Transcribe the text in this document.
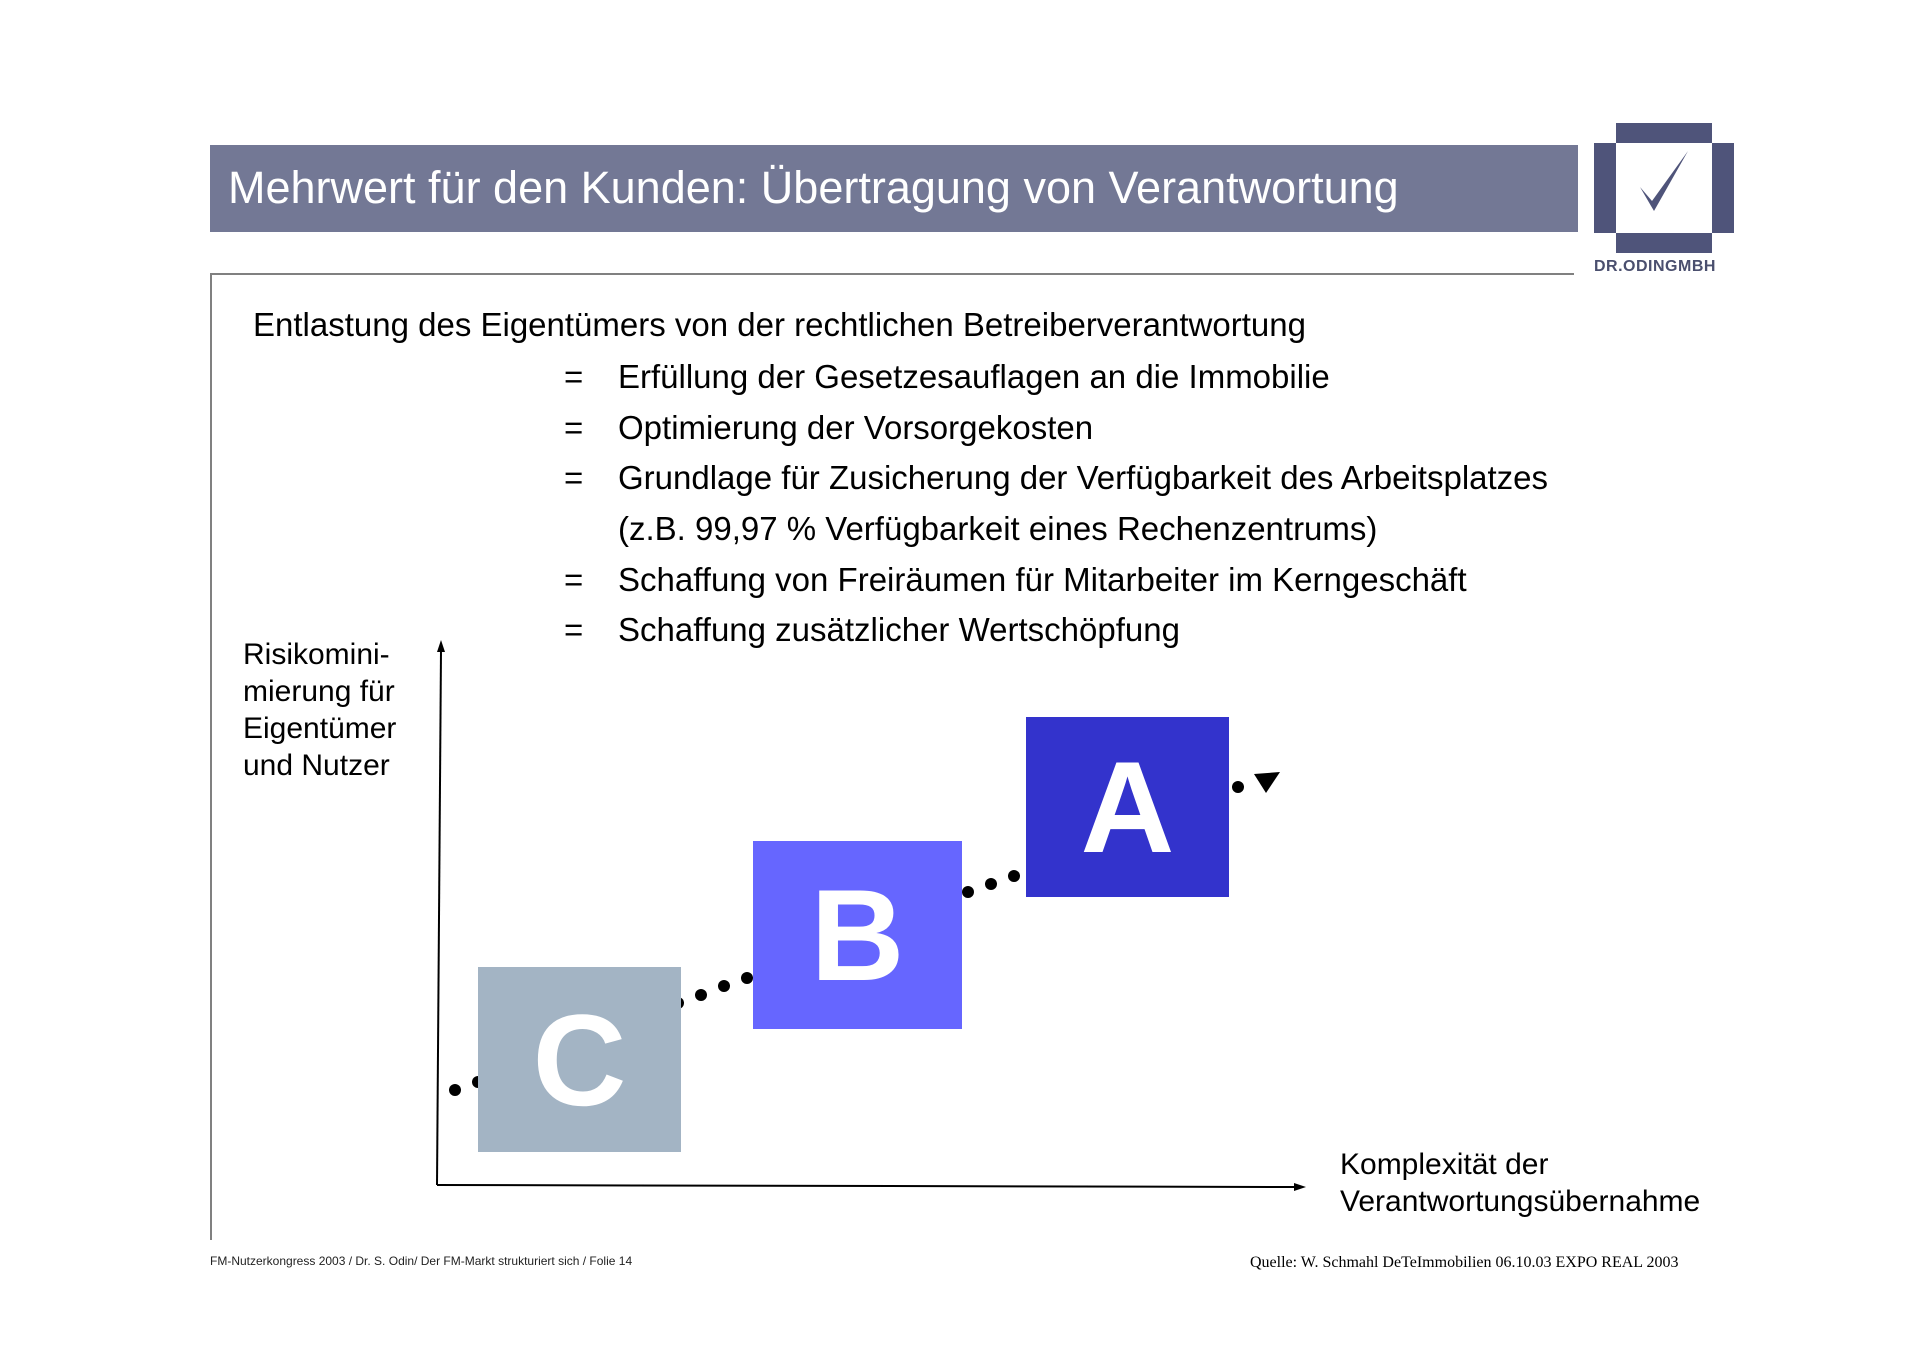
Mehrwert für den Kunden: Übertragung von Verantwortung
DR.ODINGMBH
Entlastung des Eigentümers von der rechtlichen Betreiberverantwortung
=	Erfüllung der Gesetzesauflagen an die Immobilie
=	Optimierung der Vorsorgekosten
=	Grundlage für Zusicherung der Verfügbarkeit des Arbeitsplatzes
(z.B. 99,97 % Verfügbarkeit eines Rechenzentrums)
=	Schaffung von Freiräumen für Mitarbeiter im Kerngeschäft
=	Schaffung zusätzlicher Wertschöpfung
C
B
A
Risikomini-
mierung für
Eigentümer
und Nutzer
Komplexität der
Verantwortungsübernahme
FM-Nutzerkongress 2003 / Dr. S. Odin/ Der FM-Markt strukturiert sich / Folie 14	Quelle: W. Schmahl DeTeImmobilien 06.10.03 EXPO REAL 2003
